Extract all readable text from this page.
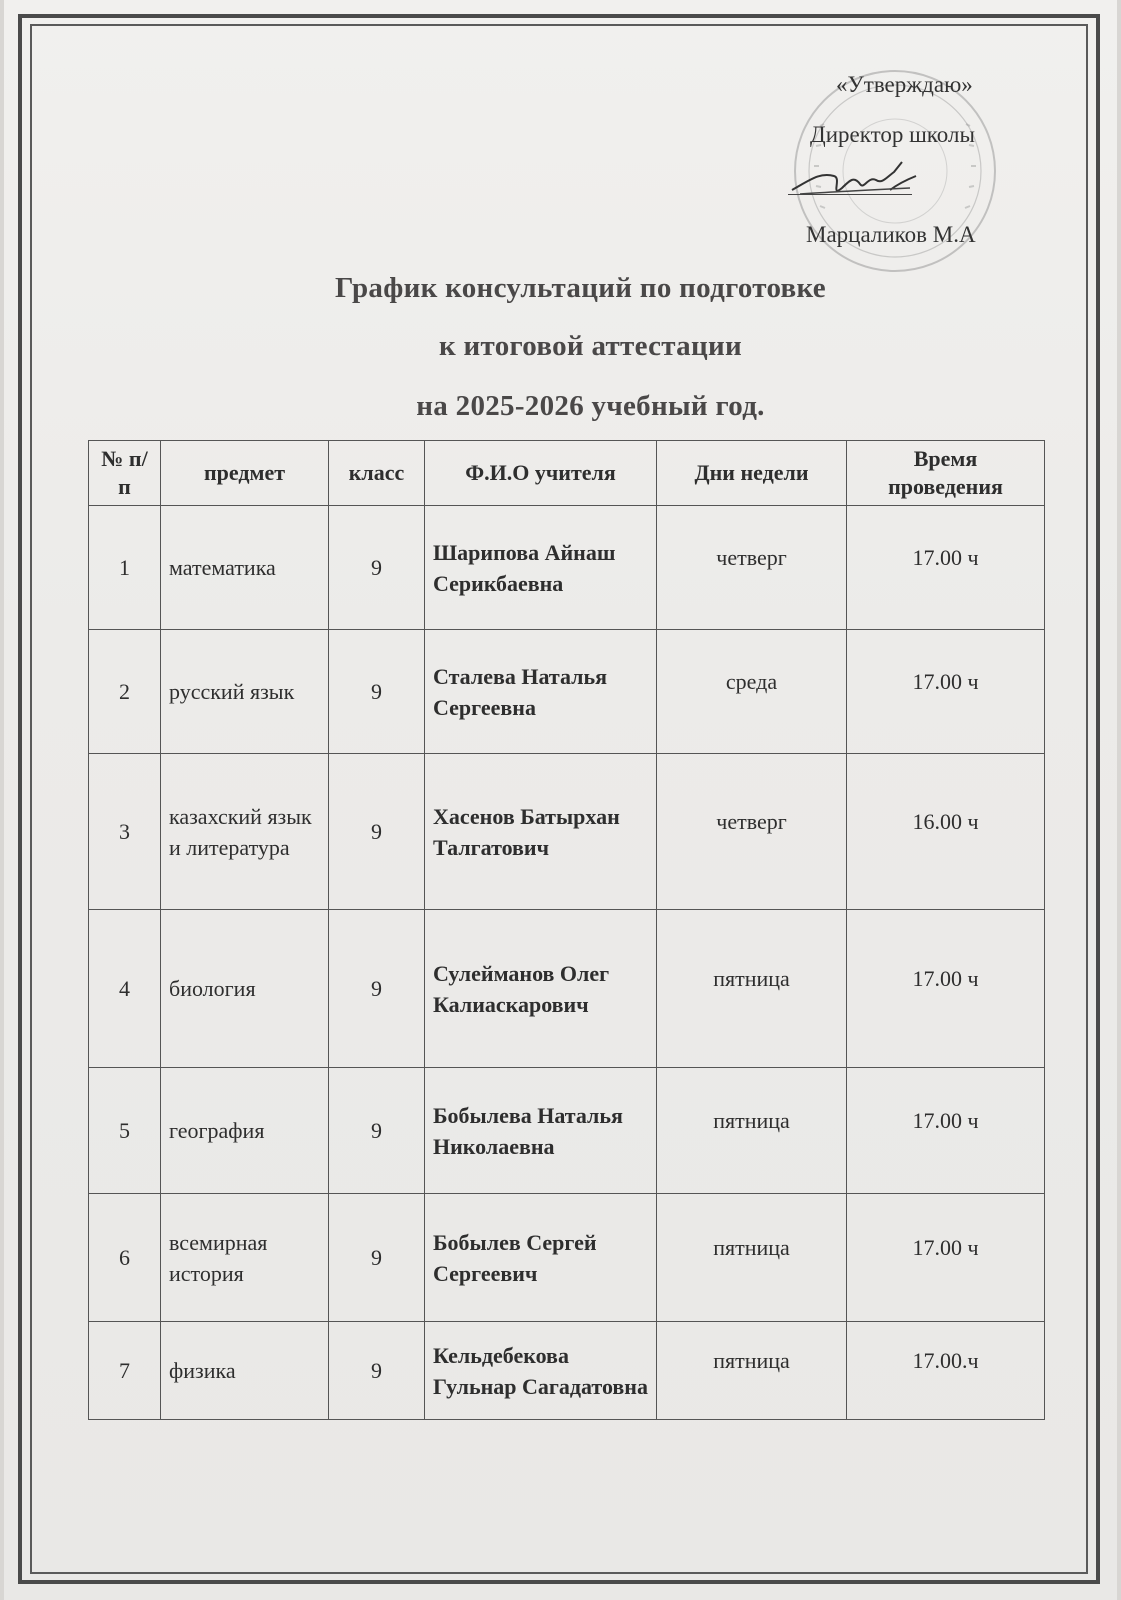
«Утверждаю»
Директор школы
Марцаликов М.А
График консультаций по подготовке
к итоговой аттестации
на 2025-2026 учебный год.
№ п/п	предмет	класс	Ф.И.О учителя	Дни недели	Время проведения
1	математика	9	Шарипова Айнаш Серикбаевна	четверг	17.00 ч
2	русский язык	9	Сталева Наталья Сергеевна	среда	17.00 ч
3	казахский язык и литература	9	Хасенов Батырхан Талгатович	четверг	16.00 ч
4	биология	9	Сулейманов Олег Калиаскарович	пятница	17.00 ч
5	география	9	Бобылева Наталья Николаевна	пятница	17.00 ч
6	всемирная история	9	Бобылев Сергей Сергеевич	пятница	17.00 ч
7	физика	9	Кельдебекова Гульнар Сагадатовна	пятница	17.00.ч
